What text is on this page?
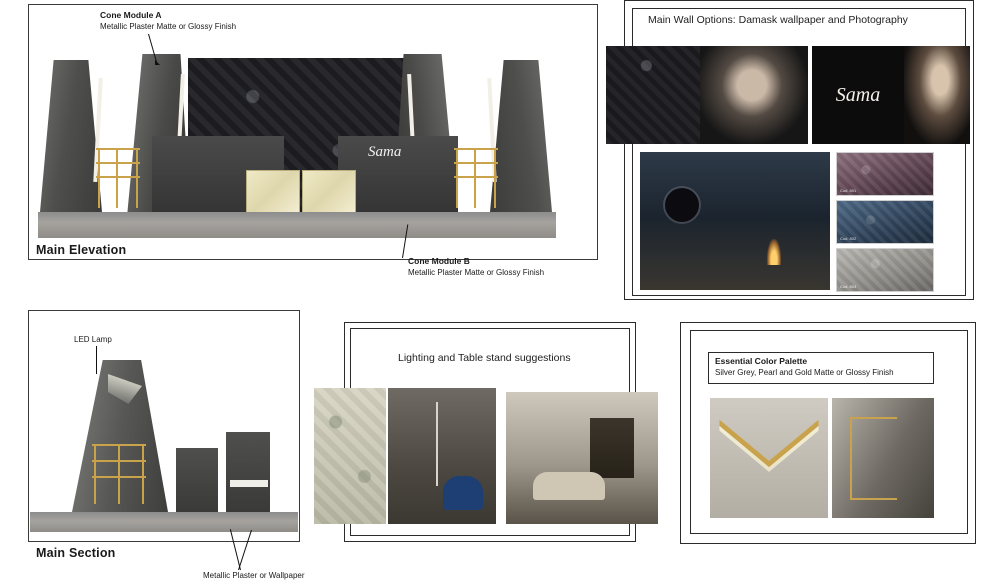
Sama
Cone Module A
Metallic Plaster Matte or Glossy Finish
Cone Module B
Metallic Plaster Matte or Glossy Finish
Main Elevation
LED Lamp
Main Section
Metallic Plaster or Wallpaper
Main Wall Options: Damask wallpaper and Photography
Sama
Cod. 801
Cod. 802
Cod. 803
Lighting and Table stand suggestions	Essential Color Palette
Silver Grey, Pearl and Gold Matte or Glossy Finish
